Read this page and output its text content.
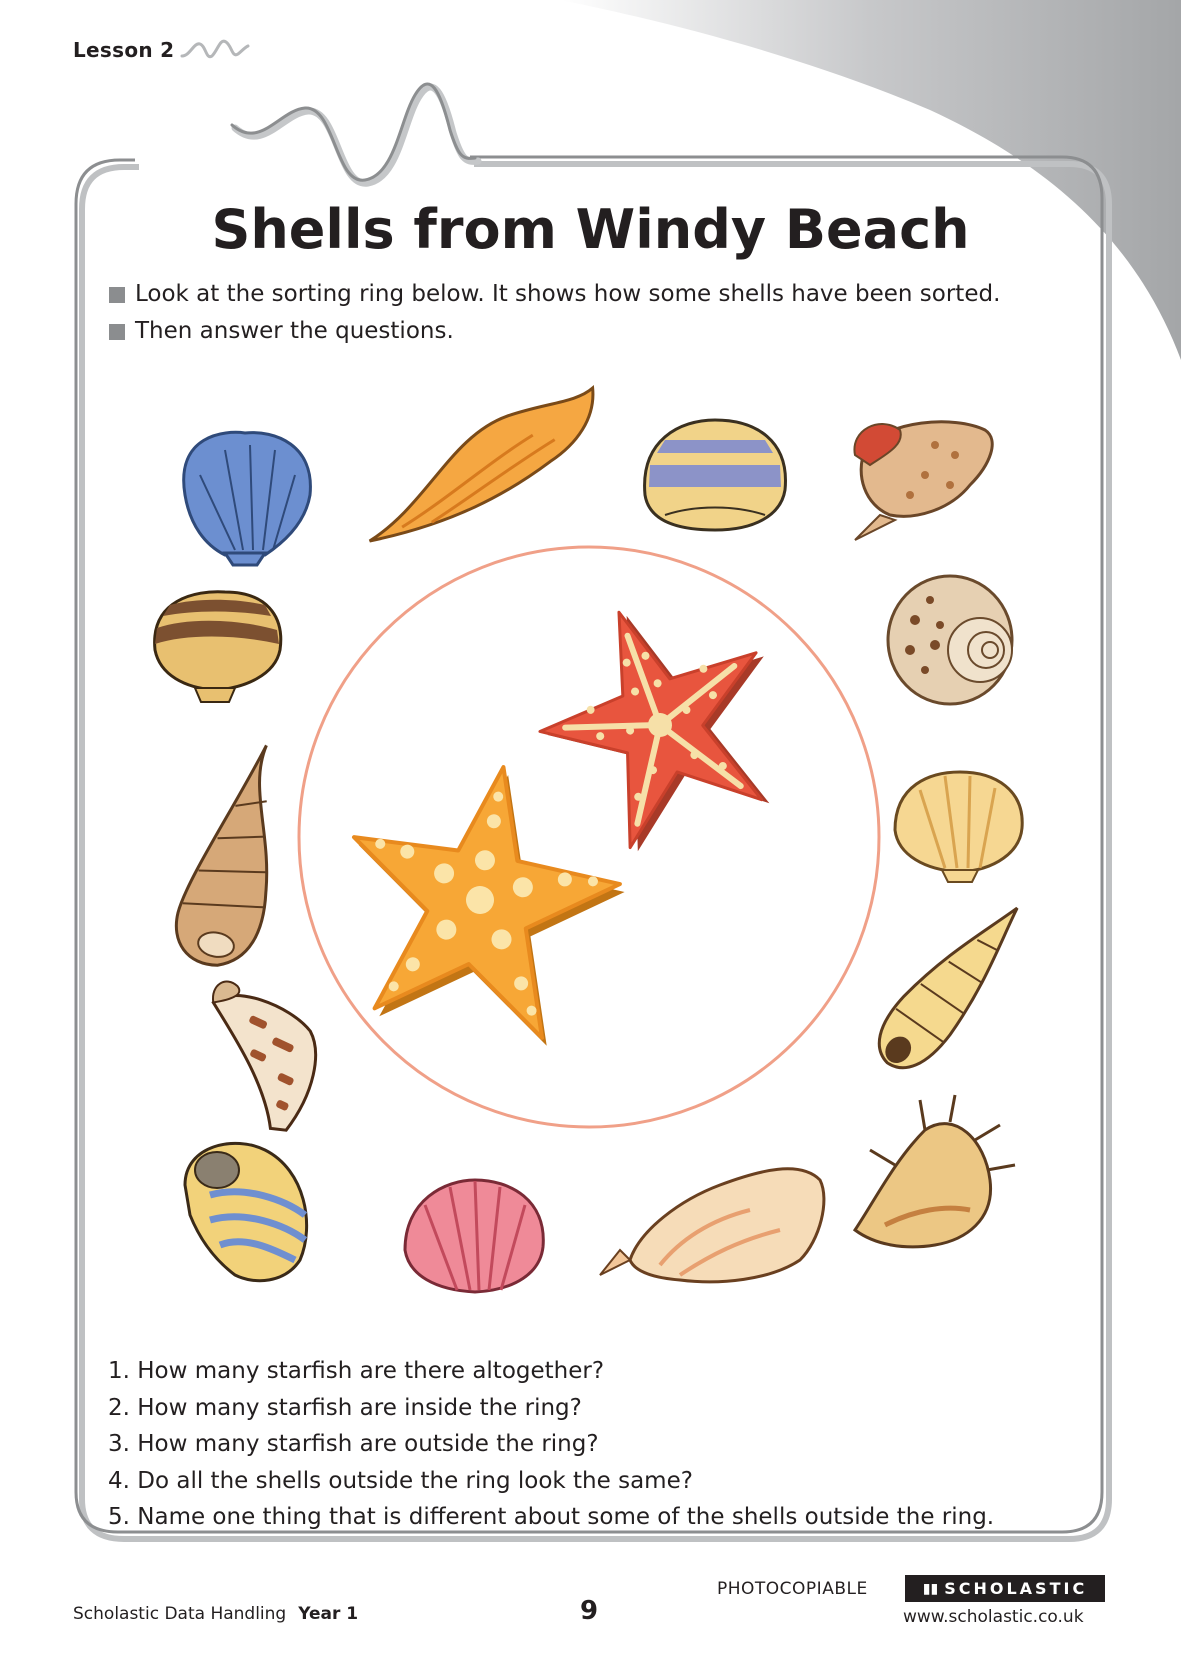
Lesson 2
Shells from Windy Beach
Look at the sorting ring below. It shows how some shells have been sorted.
Then answer the questions.
1. How many starfish are there altogether?
2. How many starfish are inside the ring?
3. How many starfish are outside the ring?
4. Do all the shells outside the ring look the same?
5. Name one thing that is different about some of the shells outside the ring.
Scholastic Data Handling Year 1	9
PHOTOCOPIABLE	▮▮ SCHOLASTIC
www.scholastic.co.uk
